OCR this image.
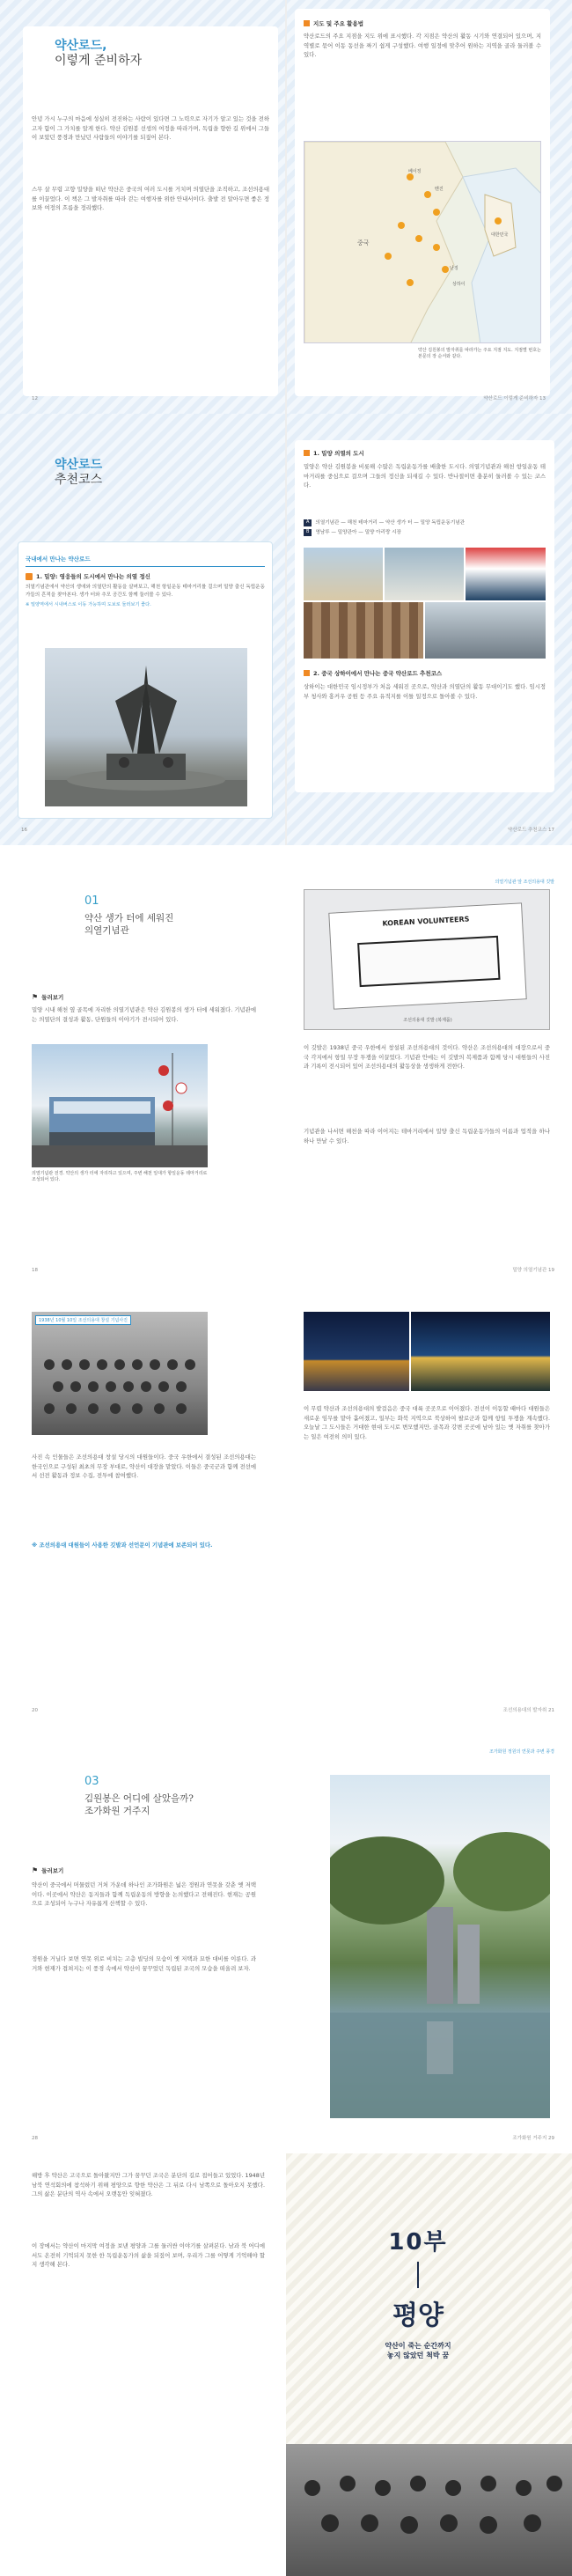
약산로드,
이렇게 준비하자
안녕 가시 누구의 마음에 성실히 전진하는 사람이 있다면 그 노력으로 자기가 알고 있는 것을 전하고자 함이 그 가치를 알게 한다. 약산 김원봉 선생의 여정을 따라가며, 독립을 향한 길 위에서 그들이 보았던 풍경과 만났던 사람들의 이야기를 되짚어 본다.
스무 살 무렵 고향 밀양을 떠난 약산은 중국의 여러 도시를 거치며 의열단을 조직하고, 조선의용대를 이끌었다. 이 책은 그 발자취를 따라 걷는 여행자를 위한 안내서이다. 출발 전 알아두면 좋은 정보와 여정의 흐름을 정리했다.
12
지도 및 주요 활용법
약산로드의 주요 지점을 지도 위에 표시했다. 각 지점은 약산의 활동 시기와 연결되어 있으며, 지역별로 묶어 이동 동선을 짜기 쉽게 구성했다. 여행 일정에 맞추어 원하는 지역을 골라 둘러볼 수 있다.
중국
베이징
톈진
난징
상하이
대한민국
약산 김원봉의 발자취를 따라가는 주요 지점 지도. 지점별 번호는 본문의 장 순서와 같다.
약산로드 이렇게 준비하자 13
약산로드
추천코스
국내에서 만나는 약산로드
1. 밀양: 영웅들의 도시에서 만나는 의열 정신
의열기념관에서 약산의 생애와 의열단의 활동을 살펴보고, 해천 항일운동 테마거리를 걸으며 밀양 출신 독립운동가들의 흔적을 찾아본다. 생가 터와 추모 공간도 함께 둘러볼 수 있다.
※ 밀양역에서 시내버스로 이동 가능하며 도보로 둘러보기 좋다.
16
1. 밀양 의열의 도시
밀양은 약산 김원봉을 비롯해 수많은 독립운동가를 배출한 도시다. 의열기념관과 해천 항일운동 테마거리를 중심으로 걸으며 그들의 정신을 되새길 수 있다. 반나절이면 충분히 둘러볼 수 있는 코스다.
A	의열기념관 — 해천 테마거리 — 약산 생가 터 — 밀양 독립운동기념관
B	영남루 — 밀양관아 — 밀양 아리랑 시장
2. 중국 상하이에서 만나는 중국 약산로드 추천코스
상하이는 대한민국 임시정부가 처음 세워진 곳으로, 약산과 의열단의 활동 무대이기도 했다. 임시정부 청사와 홍커우 공원 등 주요 유적지를 이틀 일정으로 돌아볼 수 있다.
약산로드 추천코스 17
01
약산 생가 터에 세워진
의열기념관
⚑ 둘러보기
밀양 시내 해천 옆 골목에 자리한 의열기념관은 약산 김원봉의 생가 터에 세워졌다. 기념관에는 의열단의 결성과 활동, 단원들의 이야기가 전시되어 있다.
의열기념관 전경. 약산의 생가 터에 자리하고 있으며, 주변 해천 일대가 항일운동 테마거리로 조성되어 있다.
18
의열기념관 앞 조선의용대 깃발
KOREAN VOLUNTEERS
조선의용대 깃발 (복제품)
이 깃발은 1938년 중국 우한에서 창설된 조선의용대의 것이다. 약산은 조선의용대의 대장으로서 중국 각지에서 항일 무장 투쟁을 이끌었다. 기념관 안에는 이 깃발의 복제품과 함께 당시 대원들의 사진과 기록이 전시되어 있어 조선의용대의 활동상을 생생하게 전한다.
기념관을 나서면 해천을 따라 이어지는 테마거리에서 밀양 출신 독립운동가들의 이름과 업적을 하나하나 만날 수 있다.
밀양 의열기념관 19
1938년 10월 10일 조선의용대 창설 기념사진
사진 속 인물들은 조선의용대 창설 당시의 대원들이다. 중국 우한에서 결성된 조선의용대는 한국인으로 구성된 최초의 무장 부대로, 약산이 대장을 맡았다. 이들은 중국군과 함께 전선에서 선전 활동과 정보 수집, 전투에 참여했다.
※ 조선의용대 대원들이 사용한 깃발과 선언문이 기념관에 보존되어 있다.
20
이 무렵 약산과 조선의용대의 발걸음은 중국 대륙 곳곳으로 이어졌다. 전선이 이동할 때마다 대원들은 새로운 임무를 맡아 흩어졌고, 일부는 화북 지역으로 북상하여 팔로군과 함께 항일 투쟁을 계속했다. 오늘날 그 도시들은 거대한 현대 도시로 변모했지만, 골목과 강변 곳곳에 남아 있는 옛 자취를 찾아가는 일은 여전히 의미 있다.
조선의용대의 발자취 21
03
김원봉은 어디에 살았을까?
조가화원 거주지
⚑ 둘러보기
약산이 중국에서 머물렀던 거처 가운데 하나인 조가화원은 넓은 정원과 연못을 갖춘 옛 저택이다. 이곳에서 약산은 동지들과 함께 독립운동의 방향을 논의했다고 전해진다. 현재는 공원으로 조성되어 누구나 자유롭게 산책할 수 있다.
정원을 거닐다 보면 연못 위로 비치는 고층 빌딩의 모습이 옛 저택과 묘한 대비를 이룬다. 과거와 현재가 겹쳐지는 이 풍경 속에서 약산이 꿈꾸었던 독립된 조국의 모습을 떠올려 보자.
28
조가화원 정원의 연못과 주변 풍경
조가화원 거주지 29
해방 후 약산은 고국으로 돌아왔지만 그가 꿈꾸던 조국은 분단의 길로 접어들고 있었다. 1948년 남북 연석회의에 참석하기 위해 평양으로 향한 약산은 그 뒤로 다시 남쪽으로 돌아오지 못했다. 그의 삶은 분단의 역사 속에서 오랫동안 잊혀졌다.
이 장에서는 약산이 마지막 여정을 보낸 평양과 그를 둘러싼 이야기를 살펴본다. 남과 북 어디에서도 온전히 기억되지 못한 한 독립운동가의 삶을 되짚어 보며, 우리가 그를 어떻게 기억해야 할지 생각해 본다.
10부
평양
약산이 죽는 순간까지
놓지 않았던 척박 꿈
